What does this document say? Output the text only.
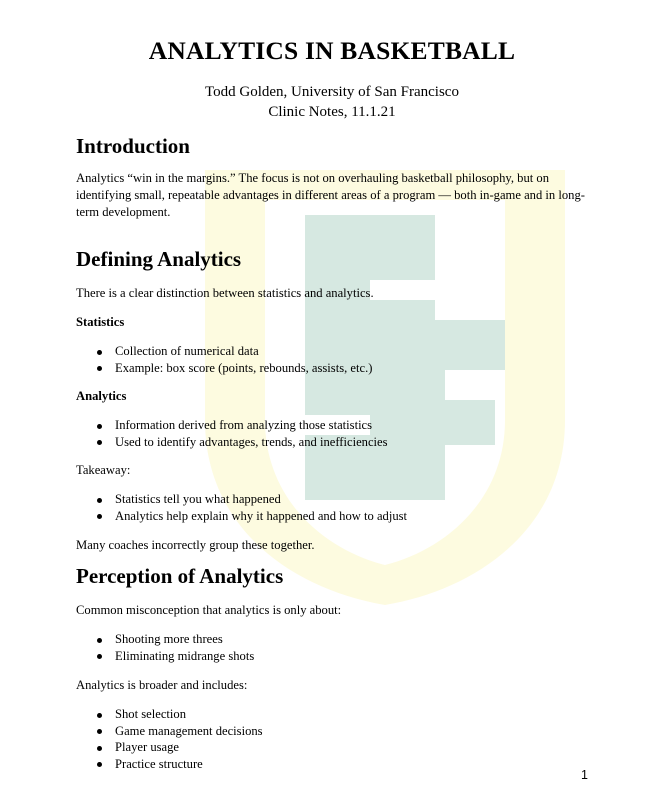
ANALYTICS IN BASKETBALL
Todd Golden, University of San Francisco
Clinic Notes, 11.1.21
Introduction

Analytics “win in the margins.” The focus is not on overhauling basketball philosophy, but on identifying small, repeatable advantages in different areas of a program — both in-game and in long-term development.

Defining Analytics

There is a clear distinction between statistics and analytics.

Statistics

Collection of numerical data
Example: box score (points, rebounds, assists, etc.)

Analytics

Information derived from analyzing those statistics
Used to identify advantages, trends, and inefficiencies

Takeaway:

Statistics tell you what happened
Analytics help explain why it happened and how to adjust

Many coaches incorrectly group these together.

Perception of Analytics

Common misconception that analytics is only about:

Shooting more threes
Eliminating midrange shots

Analytics is broader and includes:

Shot selection
Game management decisions
Player usage
Practice structure
1
